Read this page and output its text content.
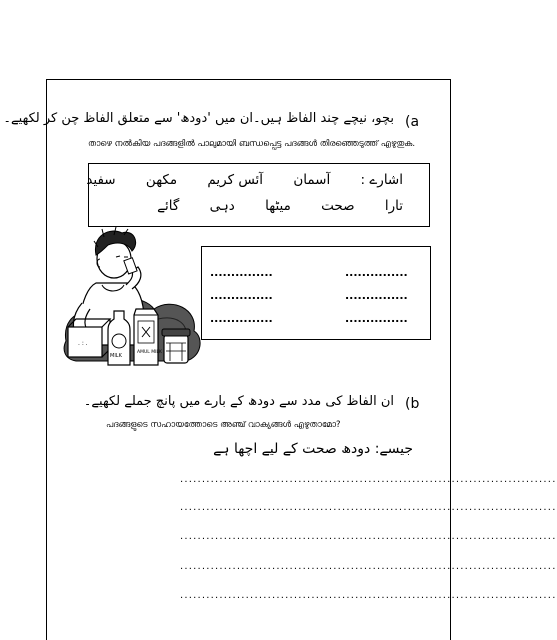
(a
بچو، نیچے چند الفاظ ہیں۔ان میں 'دودھ' سے متعلق الفاظ چن کر لکھیے۔
താഴെ നൽകിയ പദങ്ങളിൽ പാലുമായി ബന്ധപ്പെട്ട പദങ്ങൾ തിരഞ്ഞെടുത്ത് എഴുതുക.
اشارے : آسمان آئس کریم مکھن سفید
تارا صحت میٹھا دہی گائے
. : .
MILK
AMUL MILK
...............	...............
...............	...............
...............	...............
(b
ان الفاظ کی مدد سے دودھ کے بارے میں پانچ جملے لکھیے۔
പദങ്ങളുടെ സഹായത്തോടെ അഞ്ച് വാക്യങ്ങൾ എഴുതാമോ?
جیسے: دودھ صحت کے لیے اچھا ہے
......................................................................................
......................................................................................
......................................................................................
......................................................................................
......................................................................................
